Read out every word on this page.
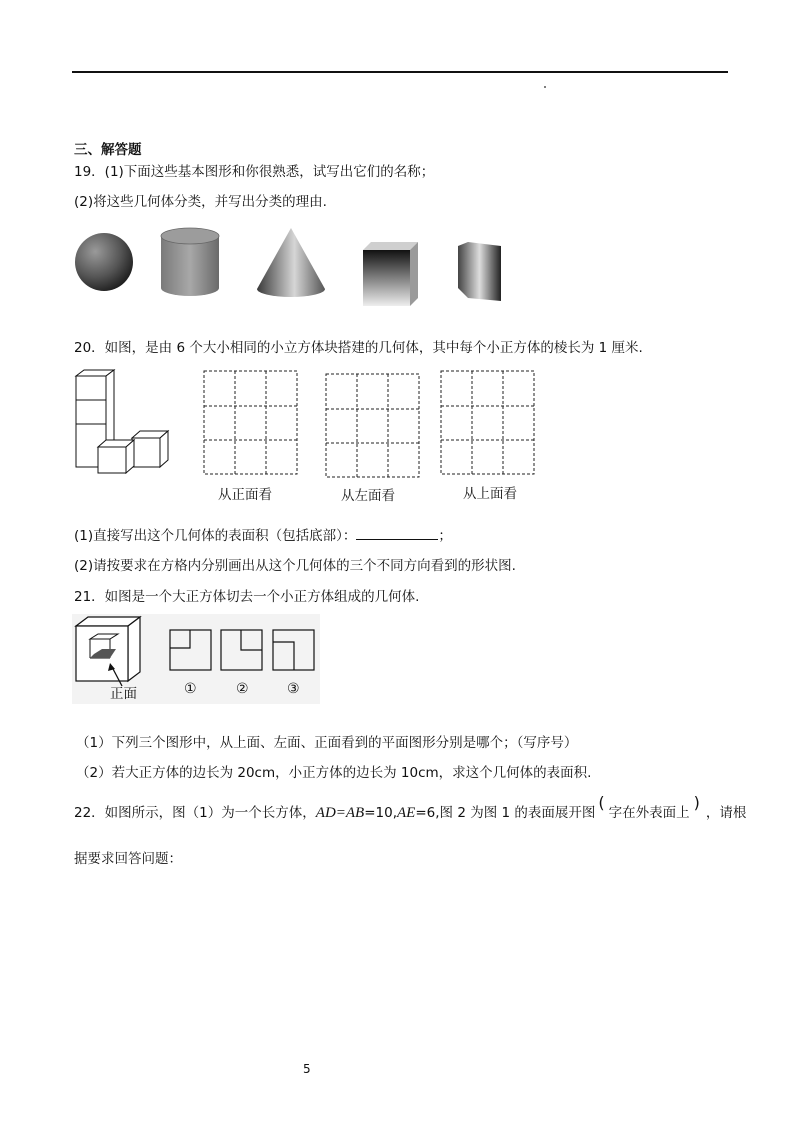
三、解答题
19．(1)下面这些基本图形和你很熟悉，试写出它们的名称；
(2)将这些几何体分类，并写出分类的理由.
20．如图，是由 6 个大小相同的小立方体块搭建的几何体，其中每个小正方体的棱长为 1 厘米.
从正面看	从左面看	从上面看
(1)直接写出这个几何体的表面积（包括底部）：	；
(2)请按要求在方格内分别画出从这个几何体的三个不同方向看到的形状图.
21．如图是一个大正方体切去一个小正方体组成的几何体.
正面	①	②	③
（1）下列三个图形中，从上面、左面、正面看到的平面图形分别是哪个；（写序号）
（2）若大正方体的边长为 20cm，小正方体的边长为 10cm，求这个几何体的表面积.
22．如图所示，图（1）为一个长方体，AD=AB=10,AE=6,图 2 为图 1 的表面展开图(字在外表面上)，请根
据要求回答问题：
5
